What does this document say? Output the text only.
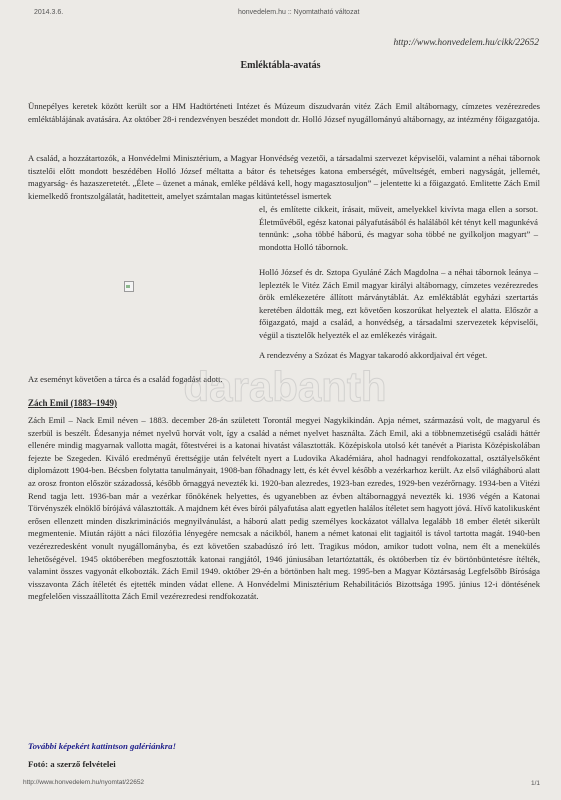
2014.3.6.	honvedelem.hu :: Nyomtatható változat
http://www.honvedelem.hu/cikk/22652
Emléktábla-avatás

Ünnepélyes keretek között került sor a HM Hadtörténeti Intézet és Múzeum díszudvarán vitéz Zách Emil altábornagy, címzetes vezérezredes emléktáblájának avatására. Az október 28-i rendezvényen beszédet mondott dr. Holló József nyugállományú altábornagy, az intézmény főigazgatója.

A család, a hozzátartozók, a Honvédelmi Minisztérium, a Magyar Honvédség vezetői, a társadalmi szervezet képviselői, valamint a néhai tábornok tisztelői előtt mondott beszédében Holló József méltatta a bátor és tehetséges katona emberségét, műveltségét, emberi nagyságát, jellemét, magyarság- és hazaszeretetét. „Élete – üzenet a mának, emléke példává kell, hogy magasztosuljon” – jelentette ki a főigazgató. Emlitette Zách Emil kiemelkedő frontszolgálatát, haditetteit, amelyet számtalan magas kitüntetéssel ismertek

el, és említette cikkeit, írásait, műveit, amelyekkel kivívta maga ellen a sorsot. Életművéből, egész katonai pályafutásából és halálából két tényt kell magunkévá tennünk: „soha többé háború, és magyar soha többé ne gyilkoljon magyart” – mondotta Holló tábornok.

Holló József és dr. Sztopa Gyuláné Zách Magdolna – a néhai tábornok leánya – leplezték le Vitéz Zách Emil magyar királyi altábornagy, címzetes vezérezredes örök emlékezetére állított márványtáblát. Az emléktáblát egyházi szertartás keretében áldották meg, ezt követően koszorúkat helyeztek el alatta. Először a főigazgató, majd a család, a honvédség, a társadalmi szervezetek képviselői, végül a tisztelők helyezték el az emlékezés virágait.

A rendezvény a Szózat és Magyar takarodó akkordjaival ért véget.

Az eseményt követően a tárca és a család fogadást adott.

Zách Emil (1883–1949)

Zách Emil – Nack Emil néven – 1883. december 28-án született Torontál megyei Nagykikindán. Apja német, származású volt, de magyarul és szerbül is beszélt. Édesanyja német nyelvű horvát volt, így a család a német nyelvet használta. Zách Emil, aki a többnemzetiségű családi háttér ellenére mindig magyarnak vallotta magát, főtestvérei is a katonai hivatást választották. Középiskola utolsó két tanévét a Piarista Középiskolában fejezte be Szegeden. Kiváló eredményű érettségije után felvételt nyert a Ludovika Akadémiára, ahol hadnagyi rendfokozattal, osztályelsőként diplomázott 1904-ben. Bécsben folytatta tanulmányait, 1908-ban főhadnagy lett, és két évvel később a vezérkarhoz került. Az első világháború alatt az orosz fronton először századossá, később őrnaggyá nevezték ki. 1920-ban alezredes, 1923-ban ezredes, 1929-ben vezérőrnagy. 1934-ben a Vitézi Rend tagja lett. 1936-ban már a vezérkar főnökének helyettes, és ugyanebben az évben altábornaggyá nevezték ki. 1936 végén a Katonai Törvényszék elnöklő bírójává választották. A majdnem két éves bírói pályafutása alatt egyetlen halálos ítéletet sem hagyott jóvá. Hívő katolikusként erősen ellenzett minden diszkriminációs megnyilvánulást, a háború alatt pedig személyes kockázatot vállalva legalább 18 ember életét sikerült megmentenie. Miután rájött a náci filozófia lényegére nemcsak a nácikból, hanem a német katonai elit tagjaitól is távol tartotta magát. 1940-ben vezérezredesként vonult nyugállományba, és ezt követően szabadúszó író lett. Tragikus módon, amikor tudott volna, nem élt a menekülés lehetőségével. 1945 októberében megfosztották katonai rangjától, 1946 júniusában letartóztatták, és októberben tíz év börtönbüntetésre ítélték, valamint összes vagyonát elkobozták. Zách Emil 1949. október 29-én a börtönben halt meg. 1995-ben a Magyar Köztársaság Legfelsőbb Bírósága visszavonta Zách ítéletét és ejtették minden vádat ellene. A Honvédelmi Minisztérium Rehabilitációs Bizottsága 1995. június 12-i döntésének megfelelően visszaállította Zách Emil vezérezredesi rendfokozatát.

További képekért kattintson galériánkra!
Fotó: a szerző felvételei
http://www.honvedelem.hu/nyomtat/22652	1/1
darabanth
